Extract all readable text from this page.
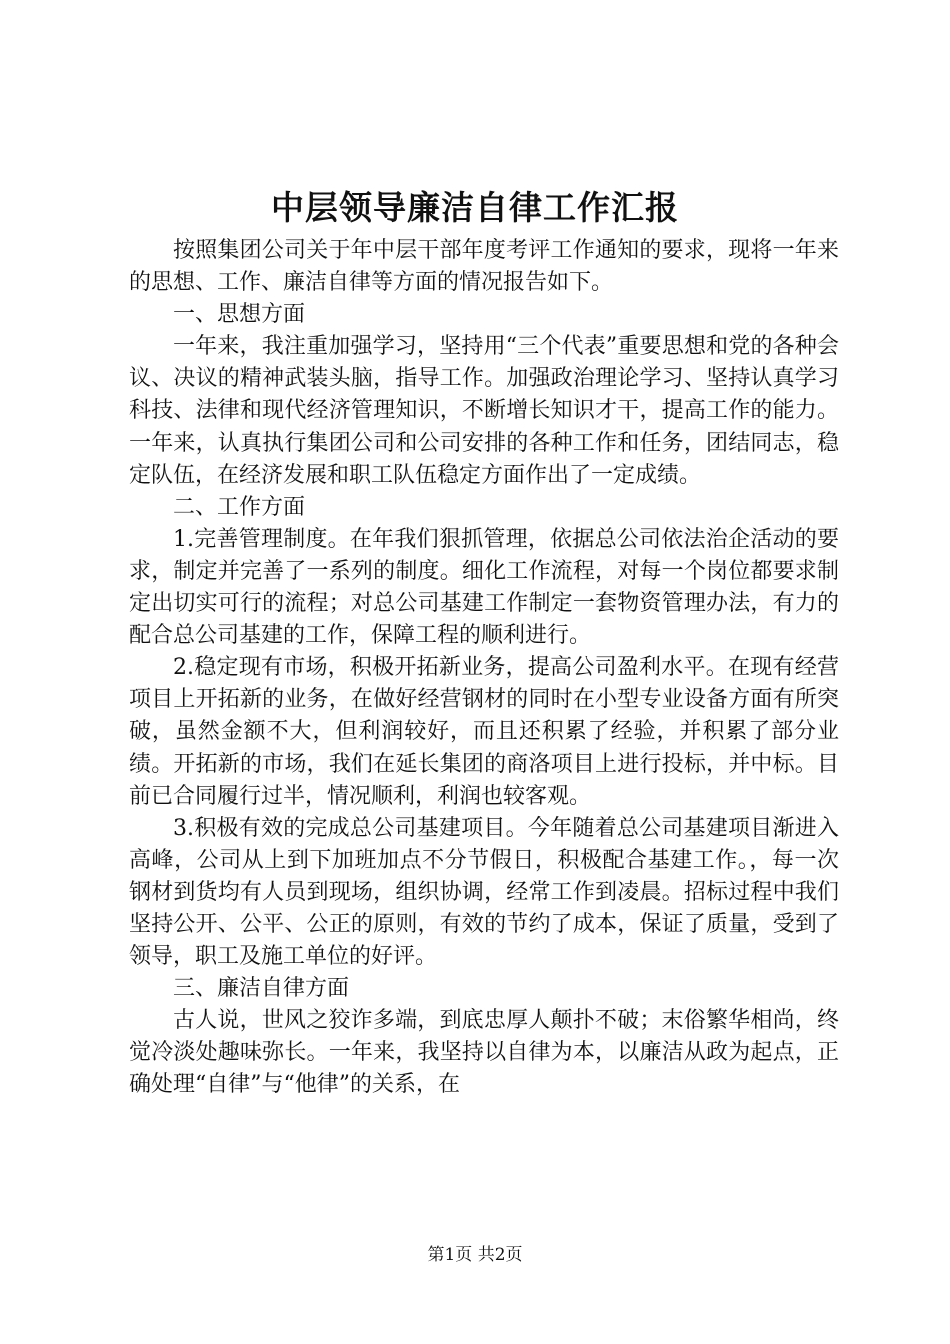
中层领导廉洁自律工作汇报

按照集团公司关于年中层干部年度考评工作通知的要求，现将一年来的思想、工作、廉洁自律等方面的情况报告如下。

一、思想方面

一年来，我注重加强学习，坚持用“三个代表”重要思想和党的各种会议、决议的精神武装头脑，指导工作。加强政治理论学习、坚持认真学习科技、法律和现代经济管理知识，不断增长知识才干，提高工作的能力。一年来，认真执行集团公司和公司安排的各种工作和任务，团结同志，稳定队伍，在经济发展和职工队伍稳定方面作出了一定成绩。

二、工作方面

1.完善管理制度。在年我们狠抓管理，依据总公司依法治企活动的要求，制定并完善了一系列的制度。细化工作流程，对每一个岗位都要求制定出切实可行的流程；对总公司基建工作制定一套物资管理办法，有力的配合总公司基建的工作，保障工程的顺利进行。

2.稳定现有市场，积极开拓新业务，提高公司盈利水平。在现有经营项目上开拓新的业务，在做好经营钢材的同时在小型专业设备方面有所突破，虽然金额不大，但利润较好，而且还积累了经验，并积累了部分业绩。开拓新的市场，我们在延长集团的商洛项目上进行投标，并中标。目前已合同履行过半，情况顺利，利润也较客观。

3.积极有效的完成总公司基建项目。今年随着总公司基建项目渐进入高峰，公司从上到下加班加点不分节假日，积极配合基建工作。，每一次钢材到货均有人员到现场，组织协调，经常工作到凌晨。招标过程中我们坚持公开、公平、公正的原则，有效的节约了成本，保证了质量，受到了领导，职工及施工单位的好评。

三、廉洁自律方面

古人说，世风之狡诈多端，到底忠厚人颠扑不破；末俗繁华相尚，终觉冷淡处趣味弥长。一年来，我坚持以自律为本，以廉洁从政为起点，正确处理“自律”与“他律”的关系，在

第1页 共2页
